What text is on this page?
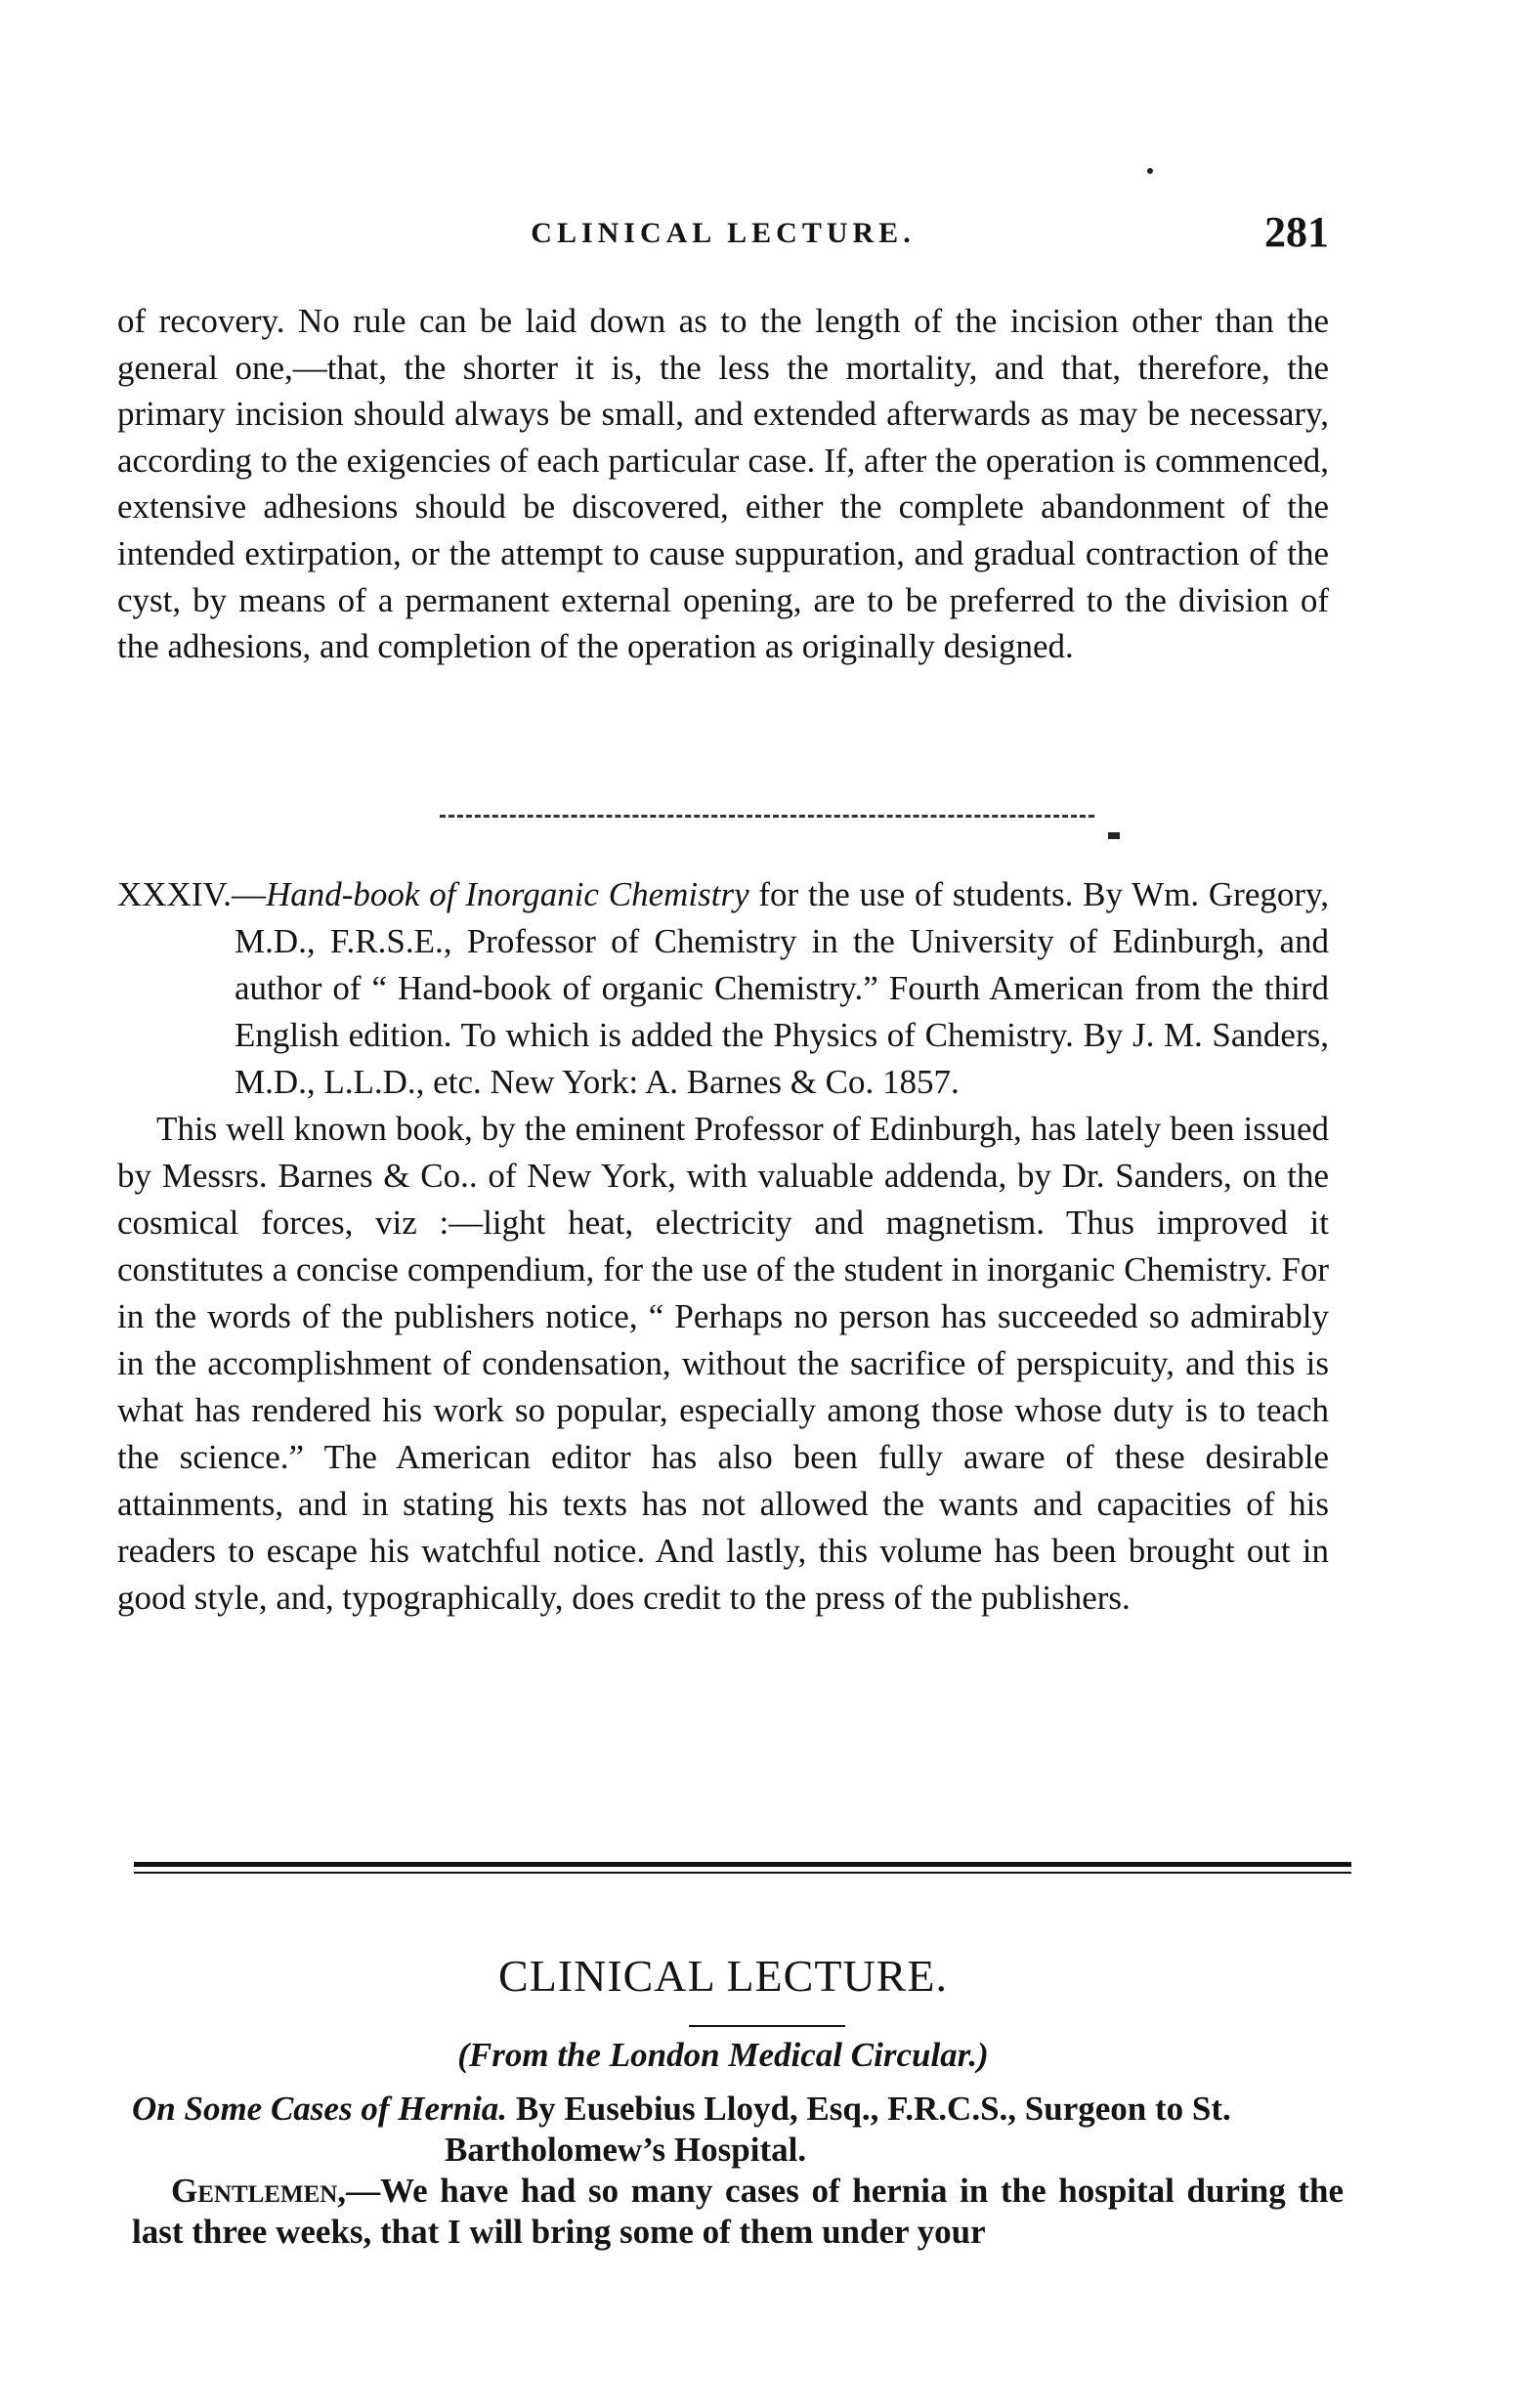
CLINICAL LECTURE.	281

of recovery. No rule can be laid down as to the length of the incision other than the general one,—that, the shorter it is, the less the mortality, and that, therefore, the primary incision should always be small, and extended afterwards as may be necessary, according to the exigencies of each particular case. If, after the operation is commenced, extensive adhesions should be discovered, either the complete abandonment of the intended extirpation, or the attempt to cause suppuration, and gradual contraction of the cyst, by means of a permanent external opening, are to be preferred to the division of the adhesions, and completion of the operation as originally designed.

XXXIV.—Hand-book of Inorganic Chemistry for the use of students. By Wm. Gregory, M.D., F.R.S.E., Professor of Chemistry in the University of Edinburgh, and author of “ Hand-book of organic Chemistry.” Fourth American from the third English edition. To which is added the Physics of Chemistry. By J. M. Sanders, M.D., L.L.D., etc. New York: A. Barnes & Co. 1857.

This well known book, by the eminent Professor of Edinburgh, has lately been issued by Messrs. Barnes & Co.. of New York, with valuable addenda, by Dr. Sanders, on the cosmical forces, viz :—light heat, electricity and magnetism. Thus improved it constitutes a concise compendium, for the use of the student in inorganic Chemistry. For in the words of the publishers notice, “ Perhaps no person has succeeded so admirably in the accomplishment of condensation, without the sacrifice of perspicuity, and this is what has rendered his work so popular, especially among those whose duty is to teach the science.” The American editor has also been fully aware of these desirable attainments, and in stating his texts has not allowed the wants and capacities of his readers to escape his watchful notice. And lastly, this volume has been brought out in good style, and, typographically, does credit to the press of the publishers.

CLINICAL LECTURE.
(From the London Medical Circular.)

On Some Cases of Hernia. By Eusebius Lloyd, Esq., F.R.C.S., Surgeon to St. Bartholomew’s Hospital.

Gentlemen,—We have had so many cases of hernia in the hospital during the last three weeks, that I will bring some of them under your
